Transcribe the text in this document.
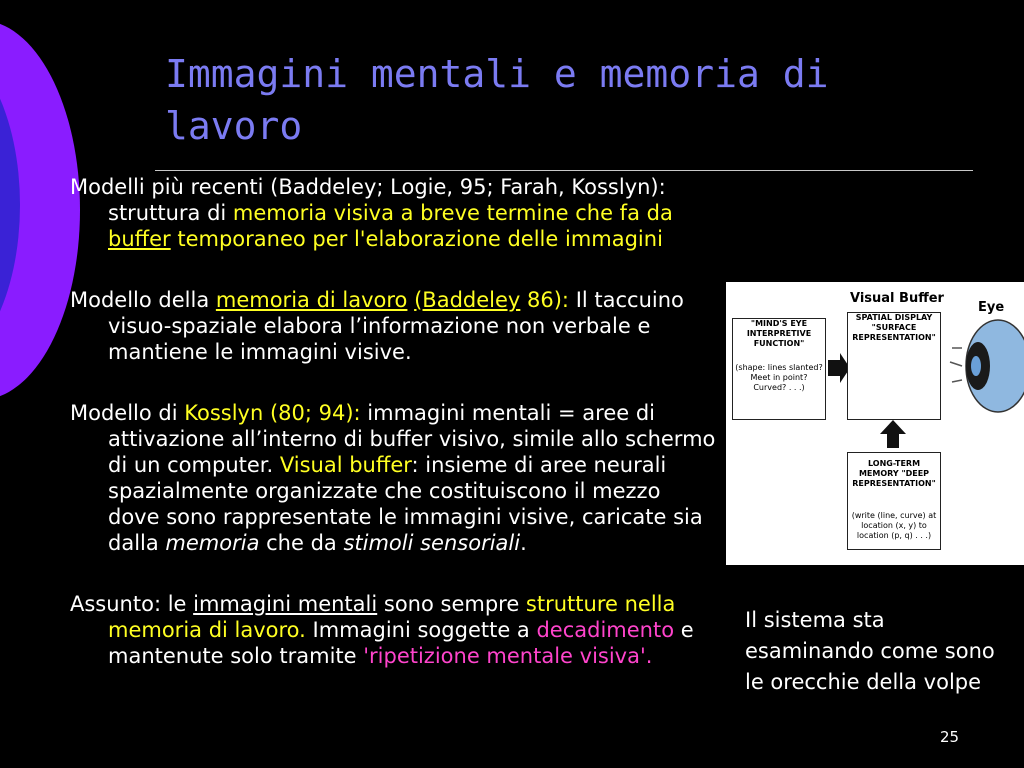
Immagini mentali e memoria di lavoro

Modelli più recenti (Baddeley; Logie, 95; Farah, Kosslyn): struttura di memoria visiva a breve termine che fa da buffer temporaneo per l'elaborazione delle immagini

Modello della memoria di lavoro (Baddeley 86): Il taccuino visuo-spaziale elabora l’informazione non verbale e mantiene le immagini visive.

Modello di Kosslyn (80; 94): immagini mentali = aree di attivazione all’interno di buffer visivo, simile allo schermo di un computer. Visual buffer: insieme di aree neurali spazialmente organizzate che costituiscono il mezzo dove sono rappresentate le immagini visive, caricate sia dalla memoria che da stimoli sensoriali.

Assunto: le immagini mentali sono sempre strutture nella memoria di lavoro. Immagini soggette a decadimento e mantenute solo tramite 'ripetizione mentale visiva'.

Visual Buffer
Eye
"MIND'S EYE INTERPRETIVE FUNCTION"
(shape: lines slanted? Meet in point? Curved? . . .)
SPATIAL DISPLAY "SURFACE REPRESENTATION"
LONG-TERM MEMORY "DEEP REPRESENTATION"
(write (line, curve) at location (x, y) to location (p, q) . . .)
Il sistema sta esaminando come sono le orecchie della volpe
25
